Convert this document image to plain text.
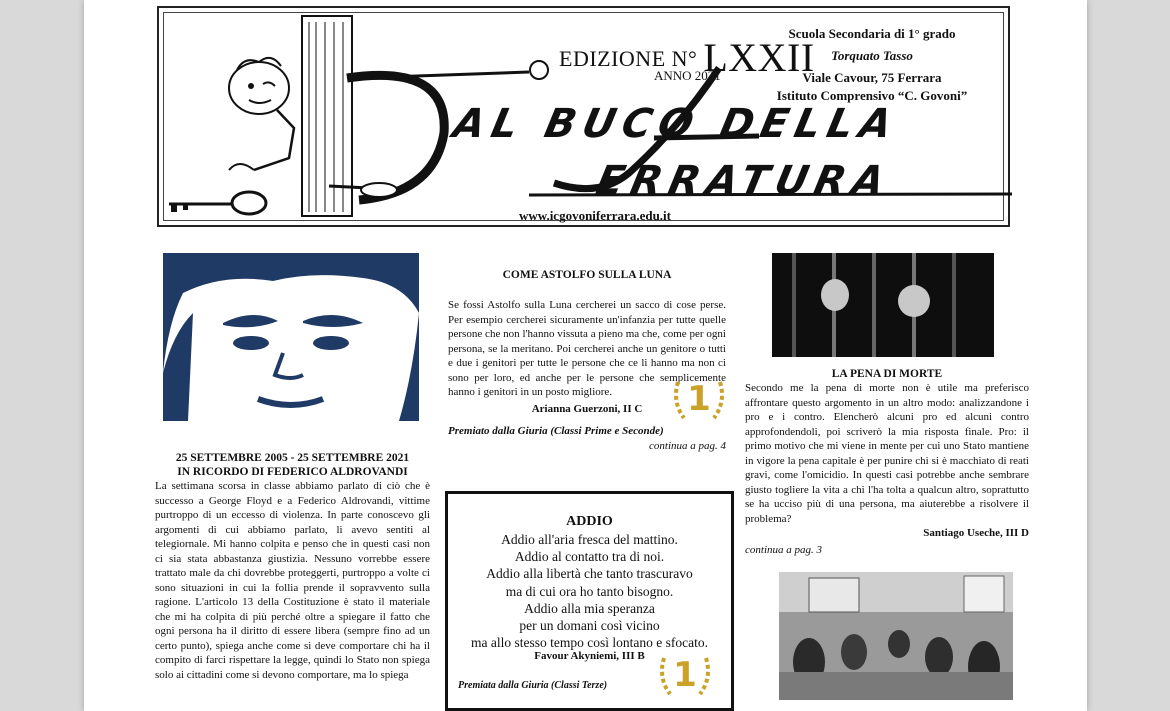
EDIZIONE N° LXXII
ANNO 2021
Scuola Secondaria di 1° grado
Torquato Tasso
Viale Cavour, 75 Ferrara
Istituto Comprensivo “C. Govoni”
AL BUCO DELLA
ERRATURA
www.icgovoniferrara.edu.it
25 SETTEMBRE 2005 - 25 SETTEMBRE 2021
IN RICORDO DI FEDERICO ALDROVANDI
La settimana scorsa in classe abbiamo parlato di ciò che è successo a George Floyd e a Federico Aldrovandi, vittime purtroppo di un eccesso di violenza. In parte conoscevo gli argomenti di cui abbiamo parlato, li avevo sentiti al telegiornale. Mi hanno colpita e penso che in questi casi non ci sia stata abbastanza giustizia. Nessuno vorrebbe essere trattato male da chi dovrebbe proteggerti, purtroppo a volte ci sono situazioni in cui la follia prende il sopravvento sulla ragione. L'articolo 13 della Costituzione è stato il materiale che mi ha colpita di più perché oltre a spiegare il fatto che ogni persona ha il diritto di essere libera (sempre fino ad un certo punto), spiega anche come si deve comportare chi ha il compito di farci rispettare la legge, quindi lo Stato non spiega solo ai cittadini come si devono comportare, ma lo spiega
COME ASTOLFO SULLA LUNA
Se fossi Astolfo sulla Luna cercherei un sacco di cose perse. Per esempio cercherei sicuramente un'infanzia per tutte quelle persone che non l'hanno vissuta a pieno ma che, come per ogni persona, se la meritano. Poi cercherei anche un genitore o tutti e due i genitori per tutte le persone che ce li hanno ma non ci sono per loro, ed anche per le persone che semplicemente hanno i genitori in un posto migliore.
Arianna Guerzoni, II C
Premiato dalla Giuria (Classi Prime e Seconde)
continua a pag. 4
1
ADDIO
Addio all'aria fresca del mattino.
Addio al contatto tra di noi.
Addio alla libertà che tanto trascuravo
ma di cui ora ho tanto bisogno.
Addio alla mia speranza
per un domani così vicino
ma allo stesso tempo così lontano e sfocato.
Favour Akyniemi, III B
Premiata dalla Giuria (Classi Terze) 1
LA PENA DI MORTE
Secondo me la pena di morte non è utile ma preferisco affrontare questo argomento in un altro modo: analizzandone i pro e i contro. Elencherò alcuni pro ed alcuni contro approfondendoli, poi scriverò la mia risposta finale. Pro: il primo motivo che mi viene in mente per cui uno Stato mantiene in vigore la pena capitale è per punire chi si è macchiato di reati gravi, come l'omicidio. In questi casi potrebbe anche sembrare giusto togliere la vita a chi l'ha tolta a qualcun altro, soprattutto se ha ucciso più di una persona, ma aiuterebbe a risolvere il problema?
Santiago Useche, III D
continua a pag. 3
